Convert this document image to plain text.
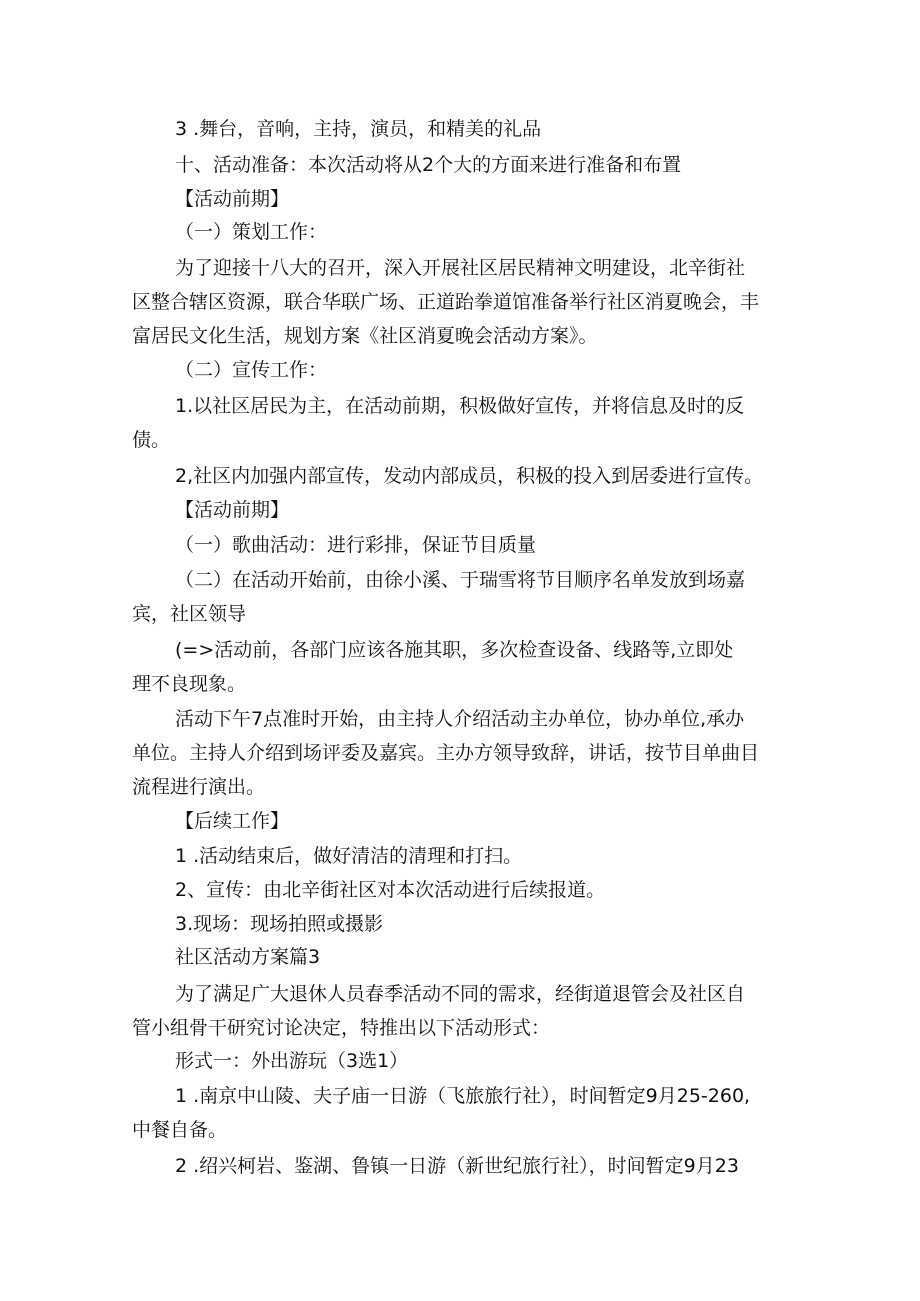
3 .舞台，音响，主持，演员，和精美的礼品

十、活动准备：本次活动将从2个大的方面来进行准备和布置

【活动前期】

（一）策划工作：

为了迎接十八大的召开，深入开展社区居民精神文明建设，北辛街社

区整合辖区资源，联合华联广场、正道跆拳道馆准备举行社区消夏晚会，丰

富居民文化生活，规划方案《社区消夏晚会活动方案》。

（二）宣传工作：

1.以社区居民为主，在活动前期，积极做好宣传，并将信息及时的反

债。

2,社区内加强内部宣传，发动内部成员，积极的投入到居委进行宣传。

【活动前期】

（一）歌曲活动：进行彩排，保证节目质量

（二）在活动开始前，由徐小溪、于瑞雪将节目顺序名单发放到场嘉

宾，社区领导

(=>活动前，各部门应该各施其职，多次检查设备、线路等,立即处

理不良现象。

活动下午7点准时开始，由主持人介绍活动主办单位，协办单位,承办

单位。主持人介绍到场评委及嘉宾。主办方领导致辞，讲话，按节目单曲目

流程进行演出。

【后续工作】

1 .活动结束后，做好清洁的清理和打扫。

2、宣传：由北辛街社区对本次活动进行后续报道。

3.现场：现场拍照或摄影

社区活动方案篇3

为了满足广大退休人员春季活动不同的需求，经街道退管会及社区自

管小组骨干研究讨论决定，特推出以下活动形式：

形式一：外出游玩（3选1）

1 .南京中山陵、夫子庙一日游（飞旅旅行社），时间暂定9月25-260,

中餐自备。

2 .绍兴柯岩、鉴湖、鲁镇一日游（新世纪旅行社），时间暂定9月23
